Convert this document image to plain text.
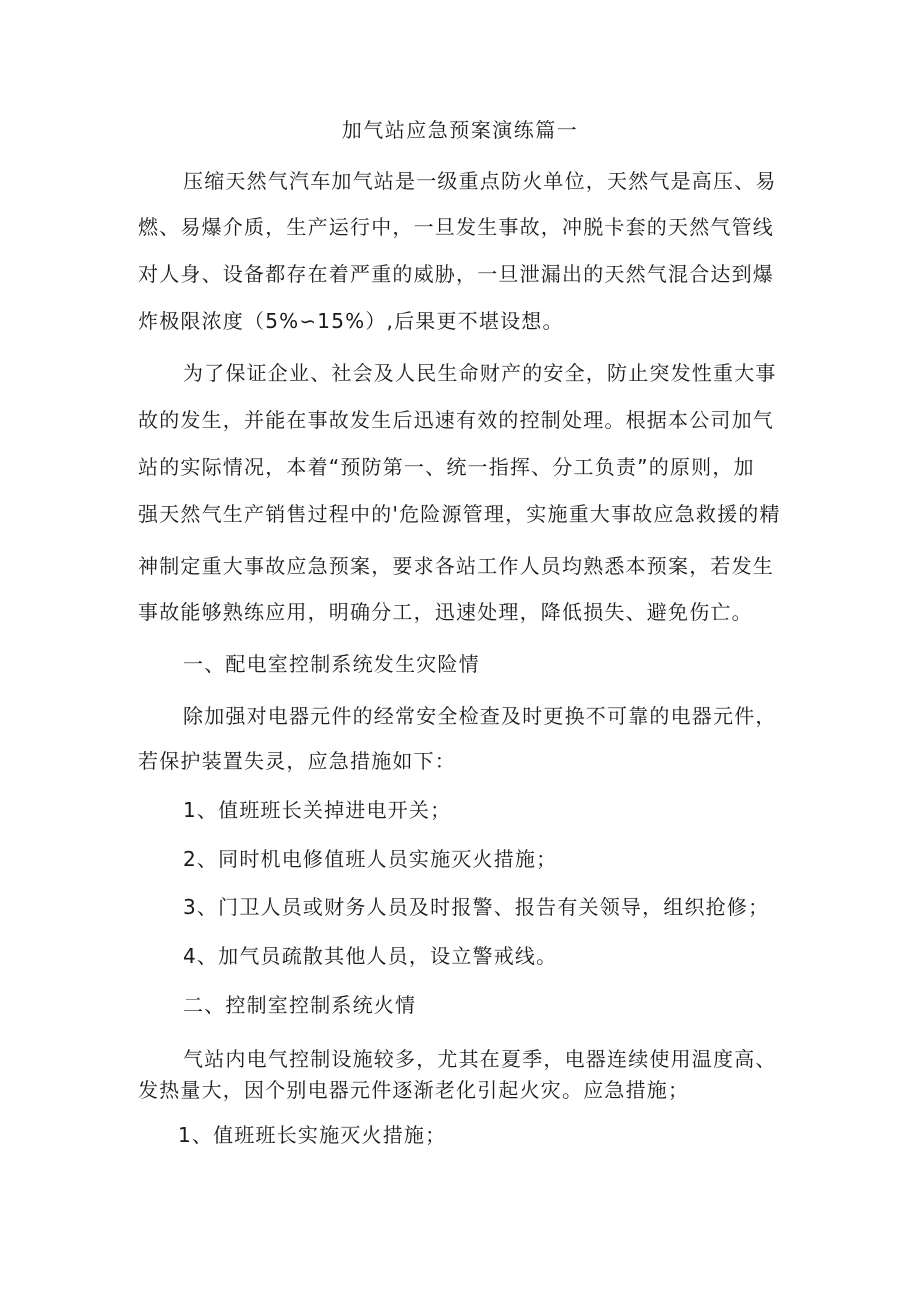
加气站应急预案演练篇一

压缩天然气汽车加气站是一级重点防火单位，天然气是高压、易

燃、易爆介质，生产运行中，一旦发生事故，冲脱卡套的天然气管线

对人身、设备都存在着严重的威胁，一旦泄漏出的天然气混合达到爆

炸极限浓度（5%∽15%）,后果更不堪设想。

为了保证企业、社会及人民生命财产的安全，防止突发性重大事

故的发生，并能在事故发生后迅速有效的控制处理。根据本公司加气

站的实际情况，本着“预防第一、统一指挥、分工负责”的原则，加

强天然气生产销售过程中的'危险源管理，实施重大事故应急救援的精

神制定重大事故应急预案，要求各站工作人员均熟悉本预案，若发生

事故能够熟练应用，明确分工，迅速处理，降低损失、避免伤亡。

一、配电室控制系统发生灾险情

除加强对电器元件的经常安全检查及时更换不可靠的电器元件，

若保护装置失灵，应急措施如下：

1、值班班长关掉进电开关；

2、同时机电修值班人员实施灭火措施；

3、门卫人员或财务人员及时报警、报告有关领导，组织抢修；

4、加气员疏散其他人员，设立警戒线。

二、控制室控制系统火情

气站内电气控制设施较多，尤其在夏季，电器连续使用温度高、

发热量大，因个别电器元件逐渐老化引起火灾。应急措施；

1、值班班长实施灭火措施；
